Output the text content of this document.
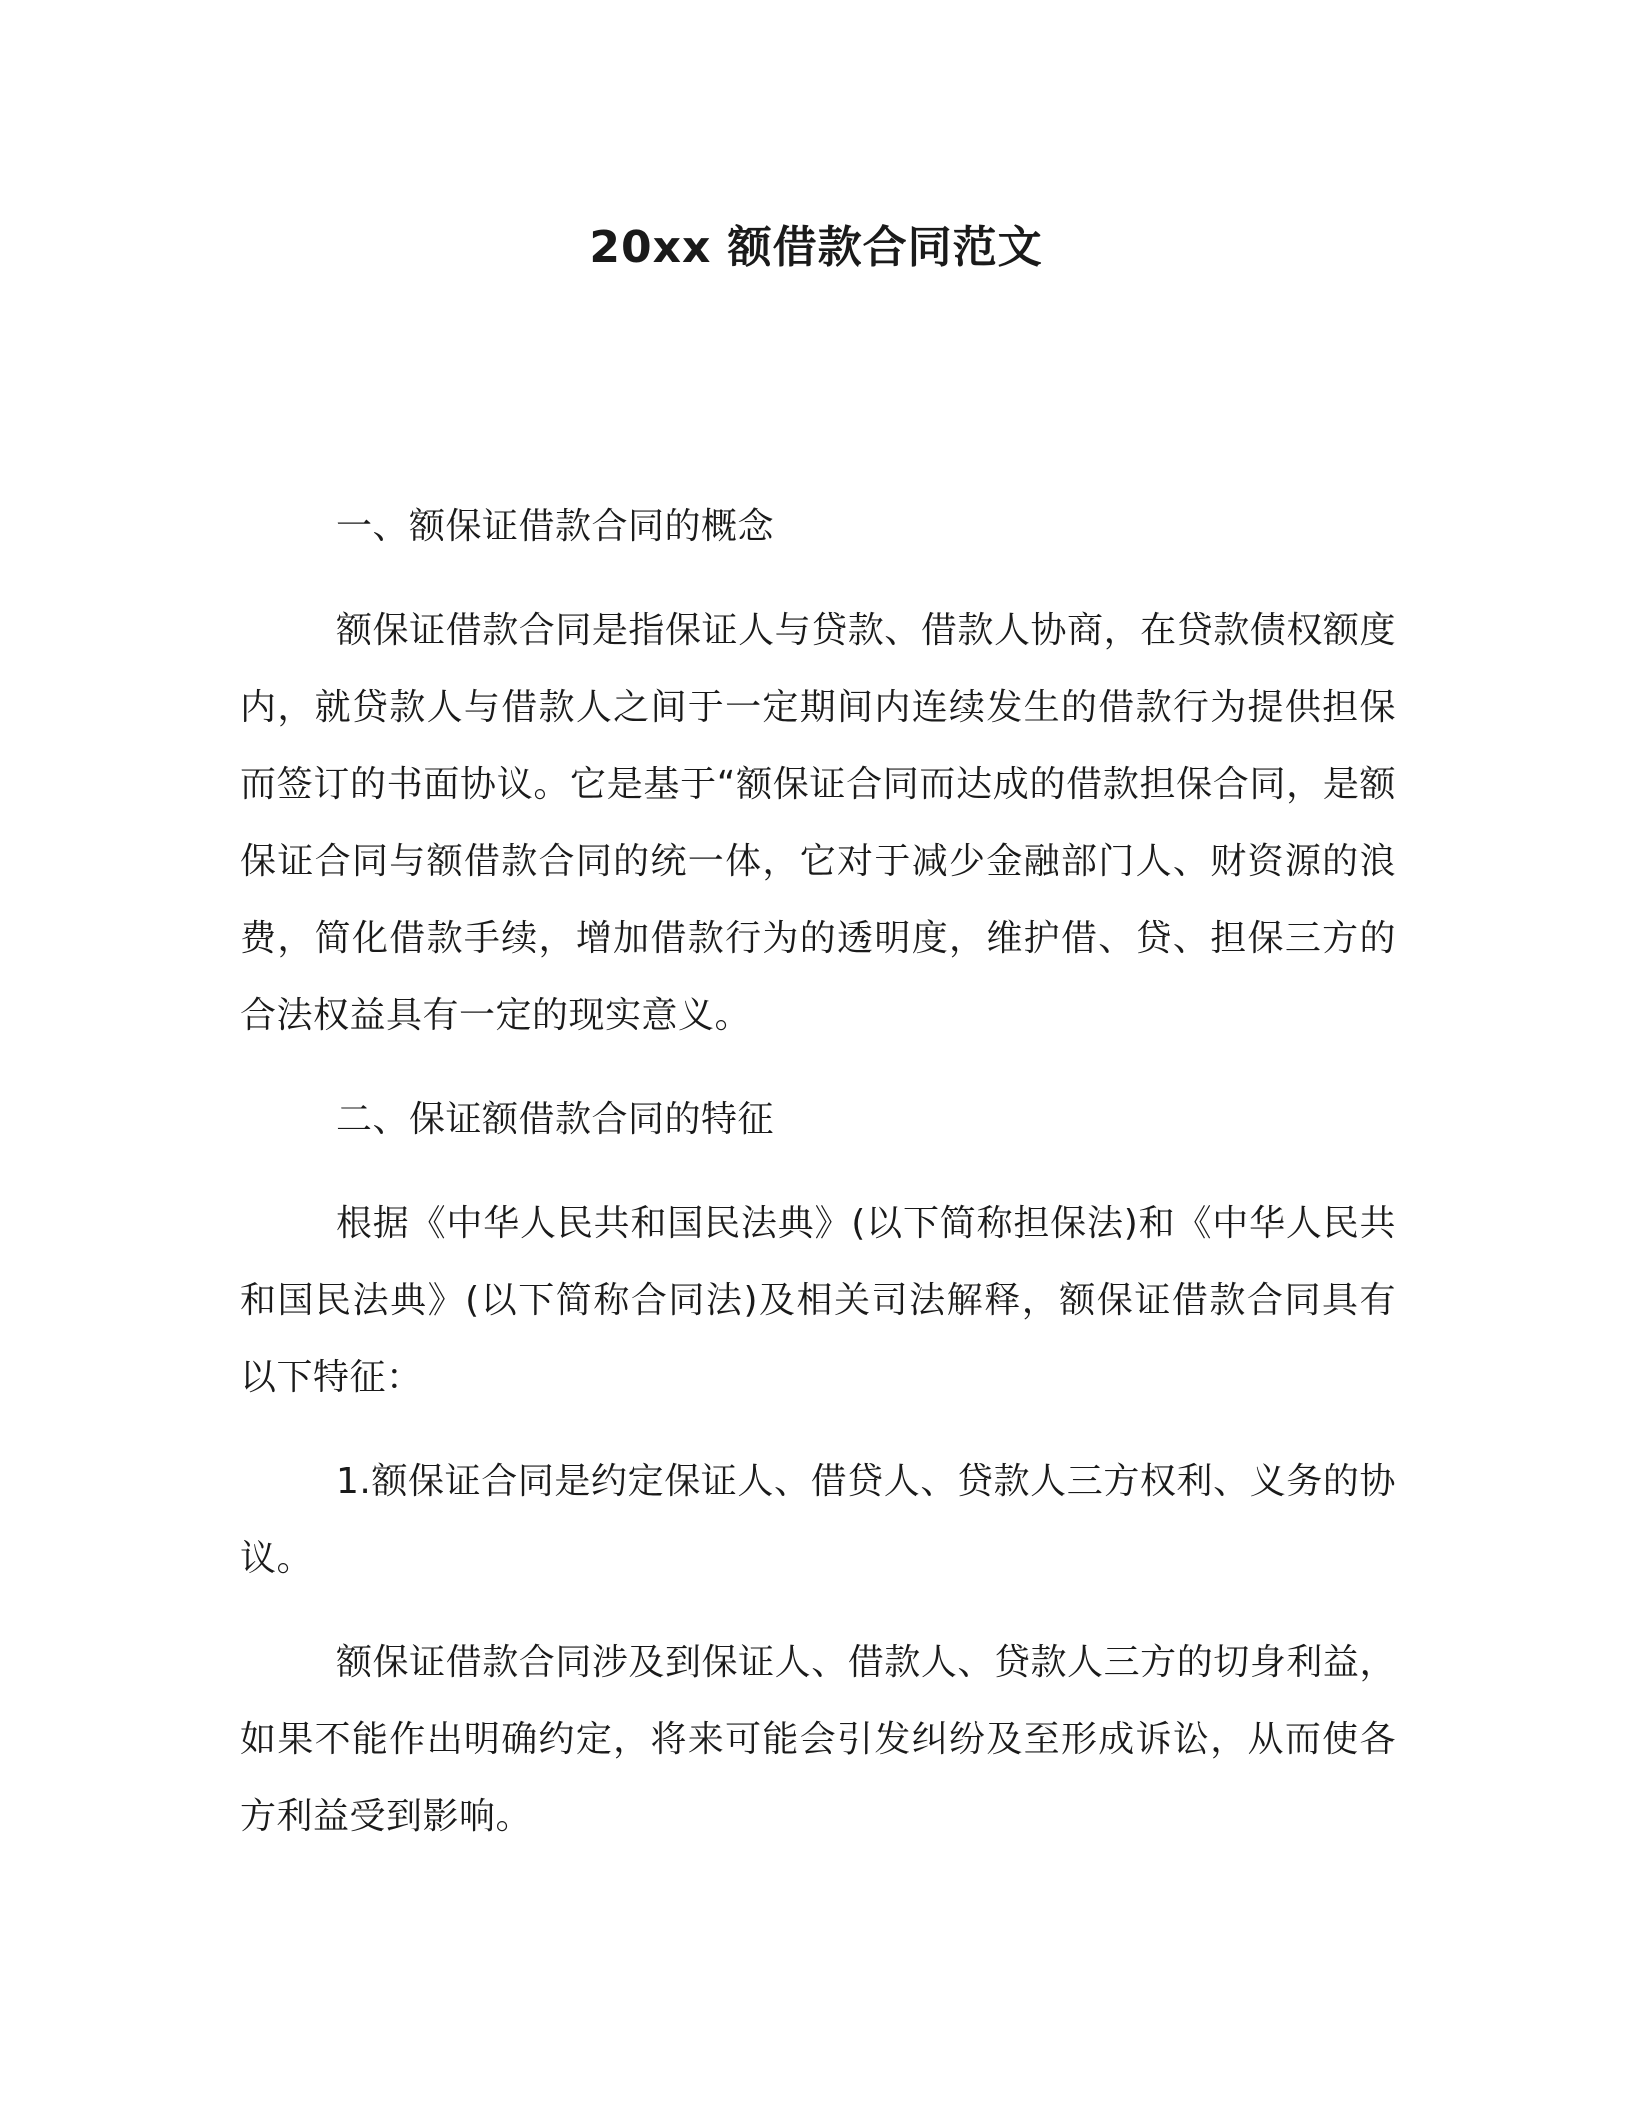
20xx 额借款合同范文

一、额保证借款合同的概念

额保证借款合同是指保证人与贷款、借款人协商，在贷款债权额度内，就贷款人与借款人之间于一定期间内连续发生的借款行为提供担保而签订的书面协议。它是基于“额保证合同而达成的借款担保合同，是额保证合同与额借款合同的统一体，它对于减少金融部门人、财资源的浪费，简化借款手续，增加借款行为的透明度，维护借、贷、担保三方的合法权益具有一定的现实意义。

二、保证额借款合同的特征

根据《中华人民共和国民法典》(以下简称担保法)和《中华人民共和国民法典》(以下简称合同法)及相关司法解释，额保证借款合同具有以下特征：

1.额保证合同是约定保证人、借贷人、贷款人三方权利、义务的协议。

额保证借款合同涉及到保证人、借款人、贷款人三方的切身利益，如果不能作出明确约定，将来可能会引发纠纷及至形成诉讼，从而使各方利益受到影响。
